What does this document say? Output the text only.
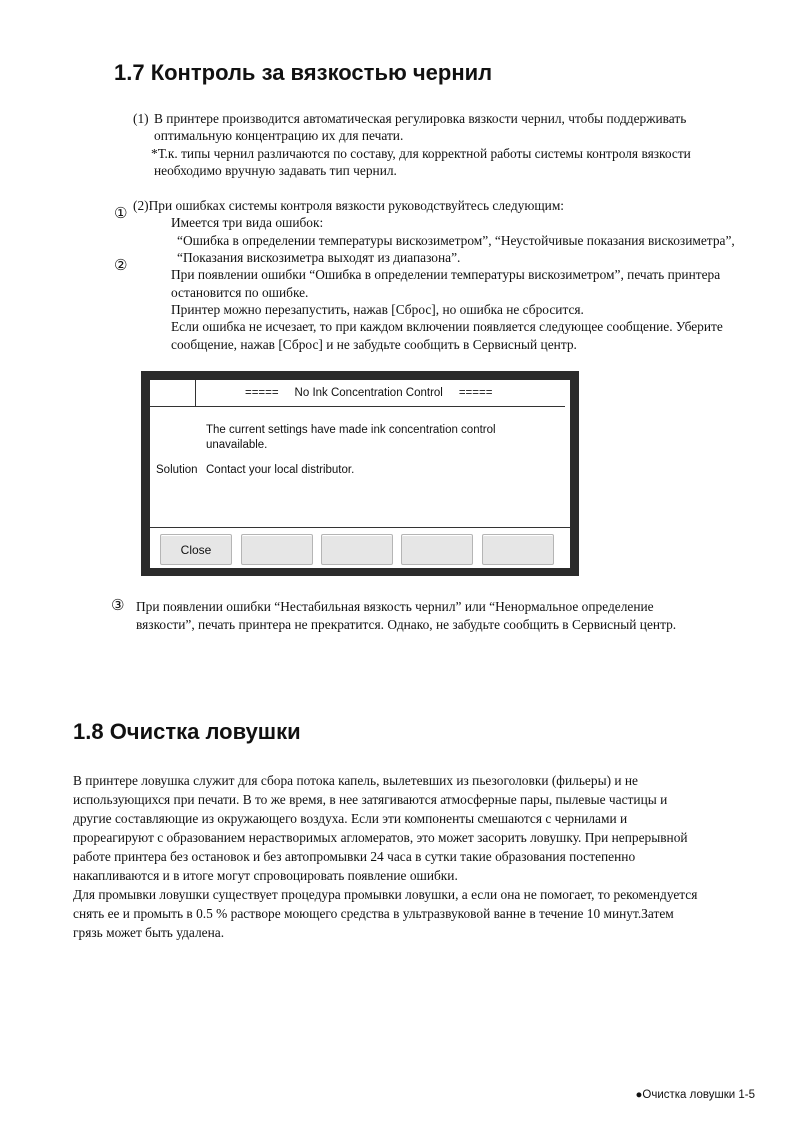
1.7 Контроль за вязкостью чернил
(1) В принтере производится автоматическая регулировка вязкости чернил, чтобы поддерживать
оптимальную концентрацию их для печати.
*Т.к. типы чернил различаются по составу, для корректной работы системы контроля вязкости
необходимо вручную задавать тип чернил.
(2)При ошибках системы контроля вязкости руководствуйтесь следующим:
①
Имеется три вида ошибок:
“Ошибка в определении температуры вискозиметром”, “Неустойчивые показания вискозиметра”,
“Показания вискозиметра выходят из диапазона”.
②
При появлении ошибки “Ошибка в определении температуры вискозиметром”, печать принтера
остановится по ошибке.
Принтер можно перезапустить, нажав [Сброс], но ошибка не сбросится.
Если ошибка не исчезает, то при каждом включении появляется следующее сообщение. Уберите
сообщение, нажав [Сброс] и не забудьте сообщить в Сервисный центр.
=====     No Ink Concentration Control     =====
The current settings have made ink concentration control unavailable.
Solution Contact your local distributor.
Close
③ При появлении ошибки “Нестабильная вязкость чернил” или “Ненормальное определение
вязкости”, печать принтера не прекратится. Однако, не забудьте сообщить в Сервисный центр.
1.8 Очистка ловушки
В принтере ловушка служит для сбора потока капель, вылетевших из пьезоголовки (фильеры) и не
использующихся при печати. В то же время, в нее затягиваются атмосферные пары, пылевые частицы и
другие составляющие из окружающего воздуха. Если эти компоненты смешаются с чернилами и
прореагируют с образованием нерастворимых агломератов, это может засорить ловушку. При непрерывной
работе принтера без остановок и без автопромывки 24 часа в сутки такие образования постепенно
накапливаются и в итоге могут спровоцировать появление ошибки.
Для промывки ловушки существует процедура промывки ловушки, а если она не помогает, то рекомендуется
снять ее и промыть в 0.5 % растворе моющего средства в ультразвуковой ванне в течение 10 минут.Затем
грязь может быть удалена.
●Очистка ловушки 1-5
